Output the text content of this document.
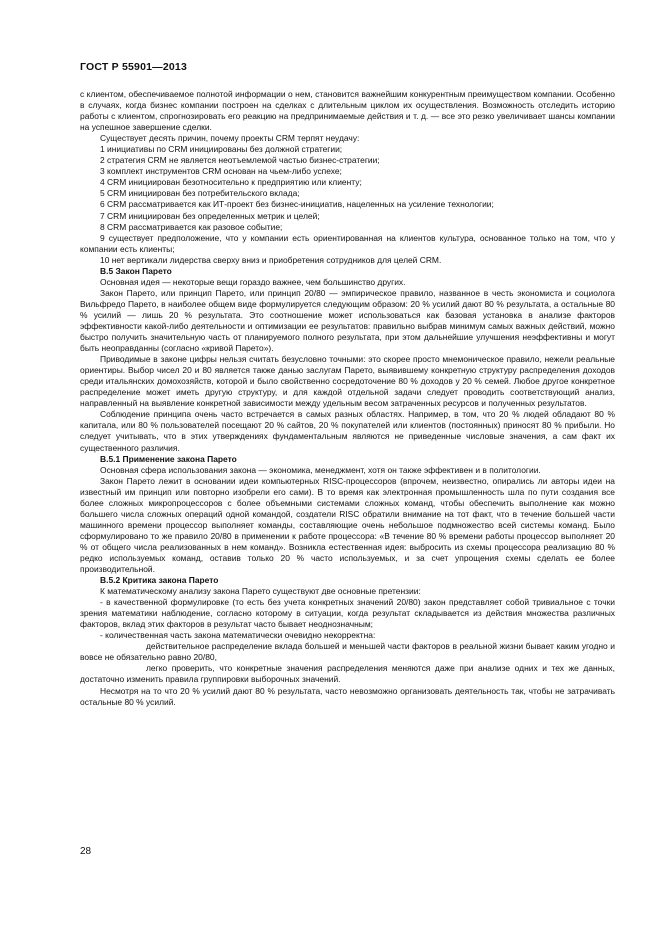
ГОСТ Р 55901—2013

с клиентом, обеспечиваемое полнотой информации о нем, становится важнейшим конкурентным преимуществом компании. Особенно в случаях, когда бизнес компании построен на сделках с длительным циклом их осуществления. Возможность отследить историю работы с клиентом, спрогнозировать его реакцию на предпринимаемые действия и т. д. — все это резко увеличивает шансы компании на успешное завершение сделки.

Существует десять причин, почему проекты CRM терпят неудачу:

1 инициативы по CRM инициированы без должной стратегии;

2 стратегия CRM не является неотъемлемой частью бизнес-стратегии;

3 комплект инструментов CRM основан на чьем-либо успехе;

4 CRM инициирован безотносительно к предприятию или клиенту;

5 CRM инициирован без потребительского вклада;

6 CRM рассматривается как ИТ-проект без бизнес-инициатив, нацеленных на усиление технологии;

7 CRM инициирован без определенных метрик и целей;

8 CRM рассматривается как разовое событие;

9 существует предположение, что у компании есть ориентированная на клиентов культура, основанное только на том, что у компании есть клиенты;

10 нет вертикали лидерства сверху вниз и приобретения сотрудников для целей CRM.

В.5 Закон Парето

Основная идея — некоторые вещи гораздо важнее, чем большинство других.

Закон Парето, или принцип Парето, или принцип 20/80 — эмпирическое правило, названное в честь экономиста и социолога Вильфредо Парето, в наиболее общем виде формулируется следующим образом: 20 % усилий дают 80 % результата, а остальные 80 % усилий — лишь 20 % результата. Это соотношение может использоваться как базовая установка в анализе факторов эффективности какой-либо деятельности и оптимизации ее результатов: правильно выбрав минимум самых важных действий, можно быстро получить значительную часть от планируемого полного результата, при этом дальнейшие улучшения неэффективны и могут быть неоправданны (согласно «кривой Парето»).

Приводимые в законе цифры нельзя считать безусловно точными: это скорее просто мнемоническое правило, нежели реальные ориентиры. Выбор чисел 20 и 80 является также данью заслугам Парето, выявившему конкретную структуру распределения доходов среди итальянских домохозяйств, которой и было свойственно сосредоточение 80 % доходов у 20 % семей. Любое другое конкретное распределение может иметь другую структуру, и для каждой отдельной задачи следует проводить соответствующий анализ, направленный на выявление конкретной зависимости между удельным весом затраченных ресурсов и полученных результатов.

Соблюдение принципа очень часто встречается в самых разных областях. Например, в том, что 20 % людей обладают 80 % капитала, или 80 % пользователей посещают 20 % сайтов, 20 % покупателей или клиентов (постоянных) приносят 80 % прибыли. Но следует учитывать, что в этих утверждениях фундаментальным являются не приведенные числовые значения, а сам факт их существенного различия.

В.5.1 Применение закона Парето

Основная сфера использования закона — экономика, менеджмент, хотя он также эффективен и в политологии.

Закон Парето лежит в основании идеи компьютерных RISC-процессоров (впрочем, неизвестно, опирались ли авторы идеи на известный им принцип или повторно изобрели его сами). В то время как электронная промышленность шла по пути создания все более сложных микропроцессоров с более объемными системами сложных команд, чтобы обеспечить выполнение как можно большего числа сложных операций одной командой, создатели RISC обратили внимание на тот факт, что в течение большей части машинного времени процессор выполняет команды, составляющие очень небольшое подмножество всей системы команд. Было сформулировано то же правило 20/80 в применении к работе процессора: «В течение 80 % времени работы процессор выполняет 20 % от общего числа реализованных в нем команд». Возникла естественная идея: выбросить из схемы процессора реализацию 80 % редко используемых команд, оставив только 20 % часто используемых, и за счет упрощения схемы сделать ее более производительной.

В.5.2 Критика закона Парето

К математическому анализу закона Парето существуют две основные претензии:

- в качественной формулировке (то есть без учета конкретных значений 20/80) закон представляет собой тривиальное с точки зрения математики наблюдение, согласно которому в ситуации, когда результат складывается из действия множества различных факторов, вклад этих факторов в результат часто бывает неоднозначным;

- количественная часть закона математически очевидно некорректна:

действительное распределение вклада большей и меньшей части факторов в реальной жизни бывает каким угодно и вовсе не обязательно равно 20/80,

легко проверить, что конкретные значения распределения меняются даже при анализе одних и тех же данных, достаточно изменить правила группировки выборочных значений.

Несмотря на то что 20 % усилий дают 80 % результата, часто невозможно организовать деятельность так, чтобы не затрачивать остальные 80 % усилий.

28
